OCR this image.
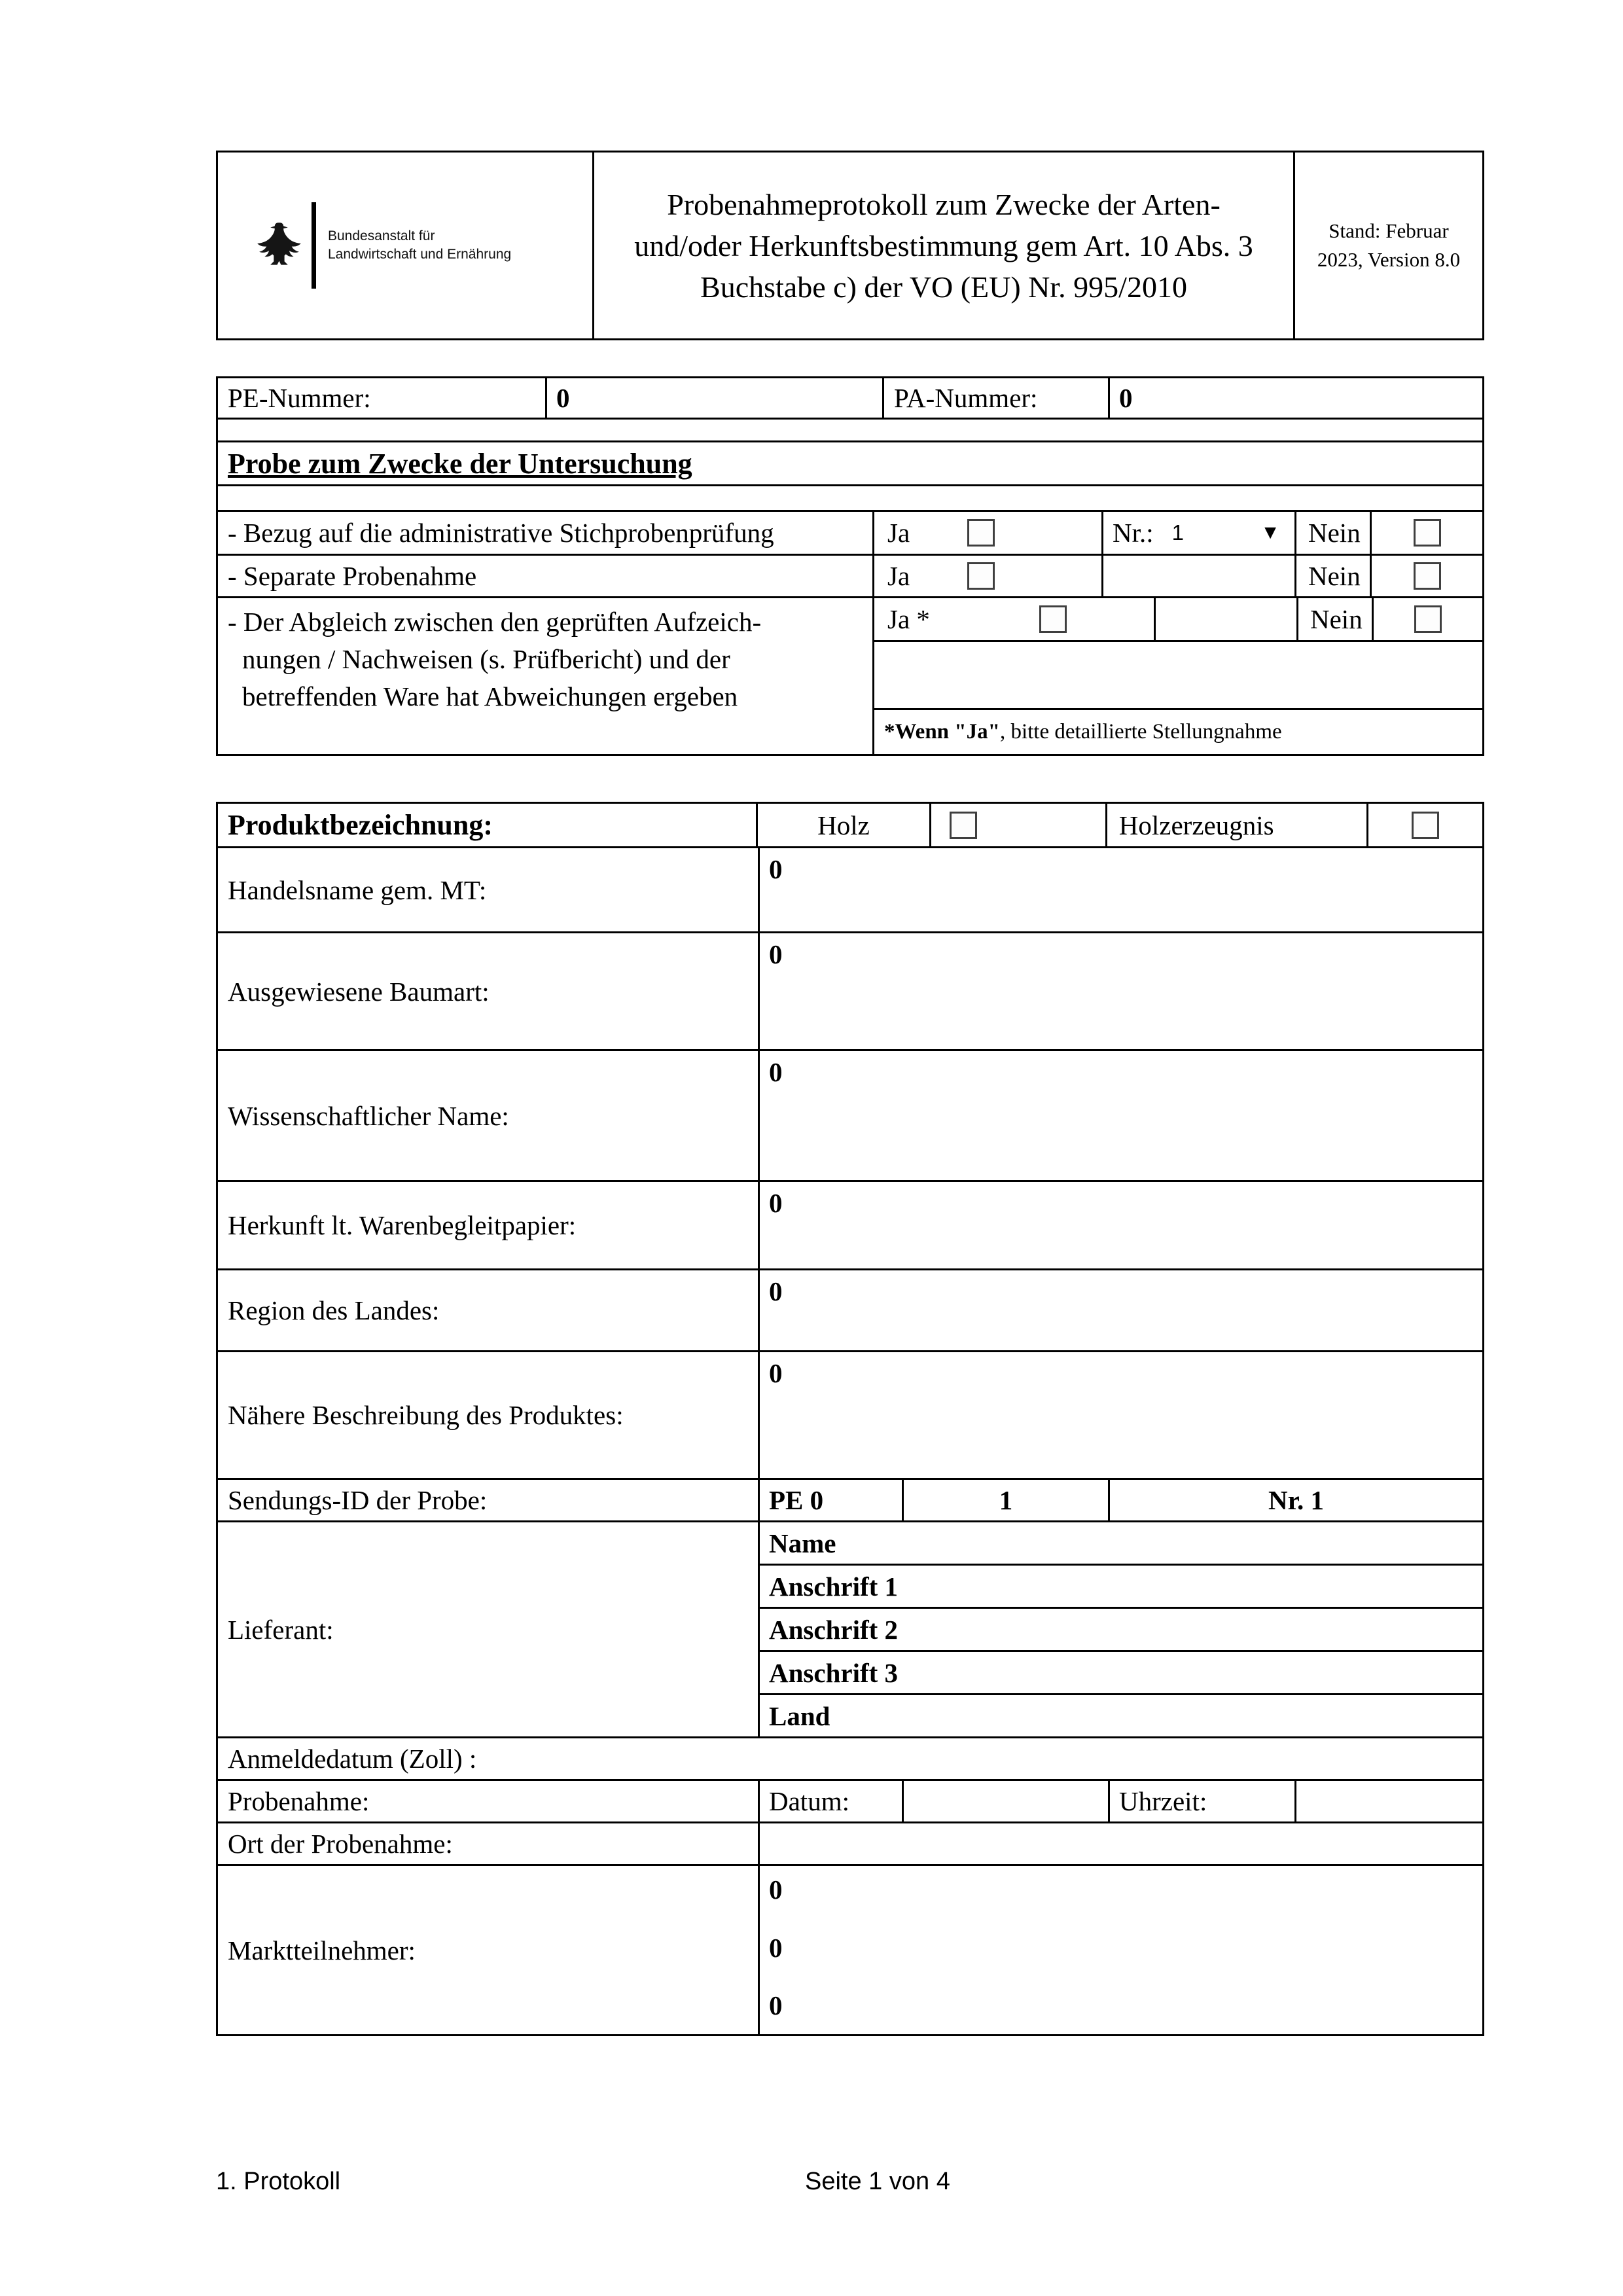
Bundesanstalt für
Landwirtschaft und Ernährung
Probenahmeprotokoll zum Zwecke der Arten-
und/oder Herkunftsbestimmung gem Art. 10 Abs. 3
Buchstabe c) der VO (EU) Nr. 995/2010
Stand: Februar
2023, Version 8.0
PE-Nummer:	0	PA-Nummer:	0
Probe zum Zwecke der Untersuchung
- Bezug auf die administrative Stichprobenprüfung	Ja	Nr.: 1	▼	Nein
- Separate Probenahme	Ja	Nein
- Der Abgleich zwischen den geprüften Aufzeich-
nungen / Nachweisen (s. Prüfbericht) und der
betreffenden Ware hat Abweichungen ergeben
Ja *	Nein
*Wenn "Ja" , bitte detaillierte Stellungnahme
Produktbezeichnung:	Holz	Holzerzeugnis
Handelsname gem. MT:
0
Ausgewiesene Baumart:
0
Wissenschaftlicher Name:
0
Herkunft lt. Warenbegleitpapier:
0
Region des Landes:
0
Nähere Beschreibung des Produktes:
0
Sendungs-ID der Probe:	PE 0	1	Nr. 1
Lieferant:
Name
Anschrift 1
Anschrift 2
Anschrift 3
Land
Anmeldedatum (Zoll) :
Probenahme:	Datum:	Uhrzeit:
Ort der Probenahme:
Marktteilnehmer:
0
0
0
1. Protokoll	Seite 1 von 4
